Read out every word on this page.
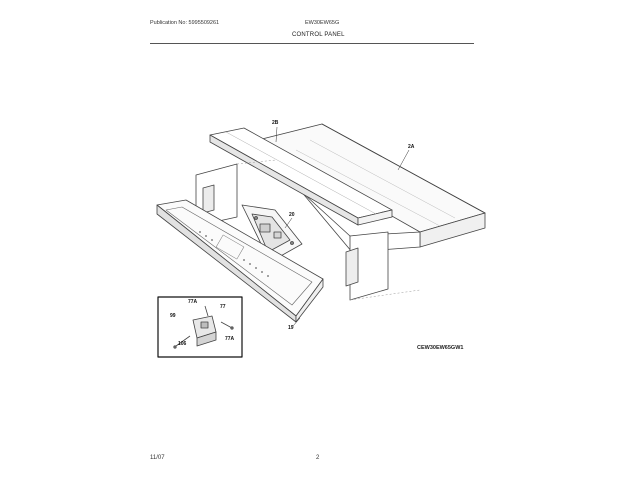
Publication No: 5995509261	EW30EW65G
CONTROL PANEL
2B
2A
20
19
77A
77
99
106
77A
CEW30EW65GW1
11/07	2
